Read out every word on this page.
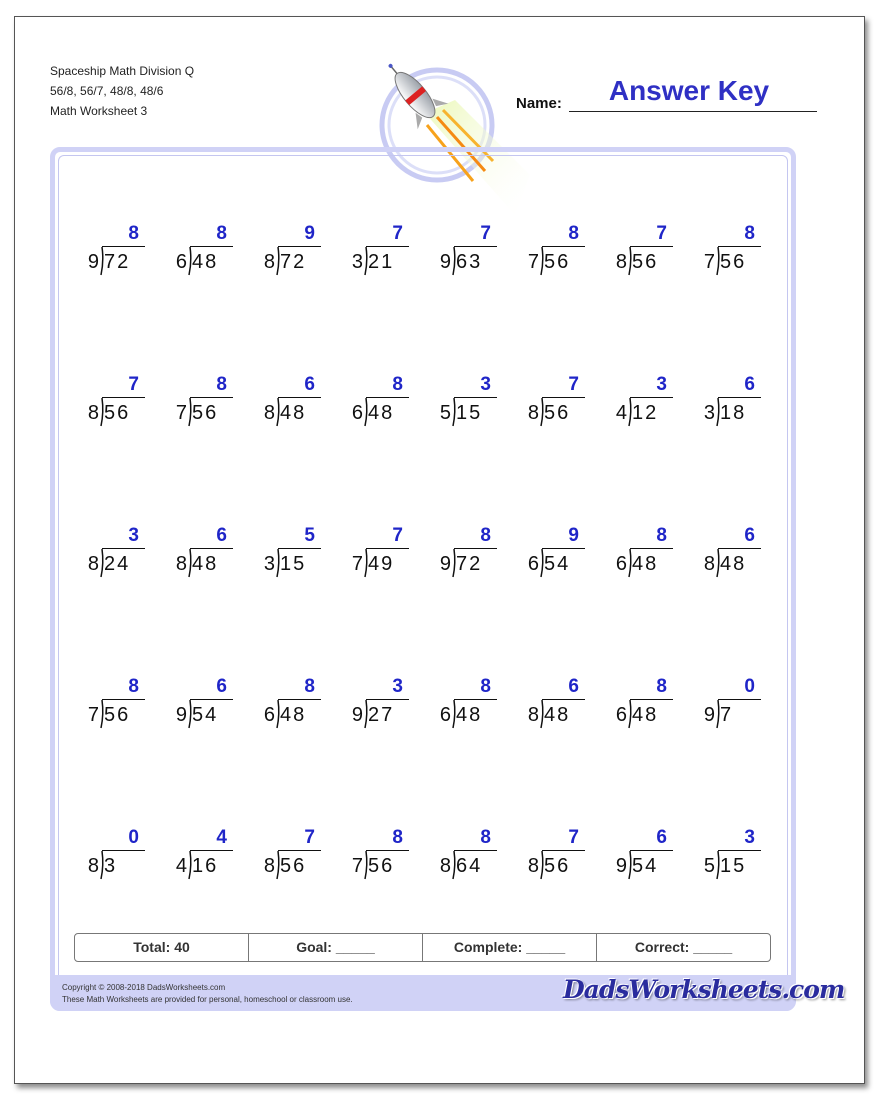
Spaceship Math Division Q
56/8, 56/7, 48/8, 48/6
Math Worksheet 3	Name:	Answer Key
8
9 72
8
6 48
9
8 72
7
3 21
7
9 63
8
7 56
7
8 56
8
7 56
7
8 56
8
7 56
6
8 48
8
6 48
3
5 15
7
8 56
3
4 12
6
3 18
3
8 24
6
8 48
5
3 15
7
7 49
8
9 72
9
6 54
8
6 48
6
8 48
8
7 56
6
9 54
8
6 48
3
9 27
8
6 48
6
8 48
8
6 48
0
9 7
0
8 3
4
4 16
7
8 56
8
7 56
8
8 64
7
8 56
6
9 54
3
5 15
Total: 40	Goal: _____	Complete: _____	Correct: _____
Copyright © 2008-2018 DadsWorksheets.com
These Math Worksheets are provided for personal, homeschool or classroom use.	DadsWorksheets.com
